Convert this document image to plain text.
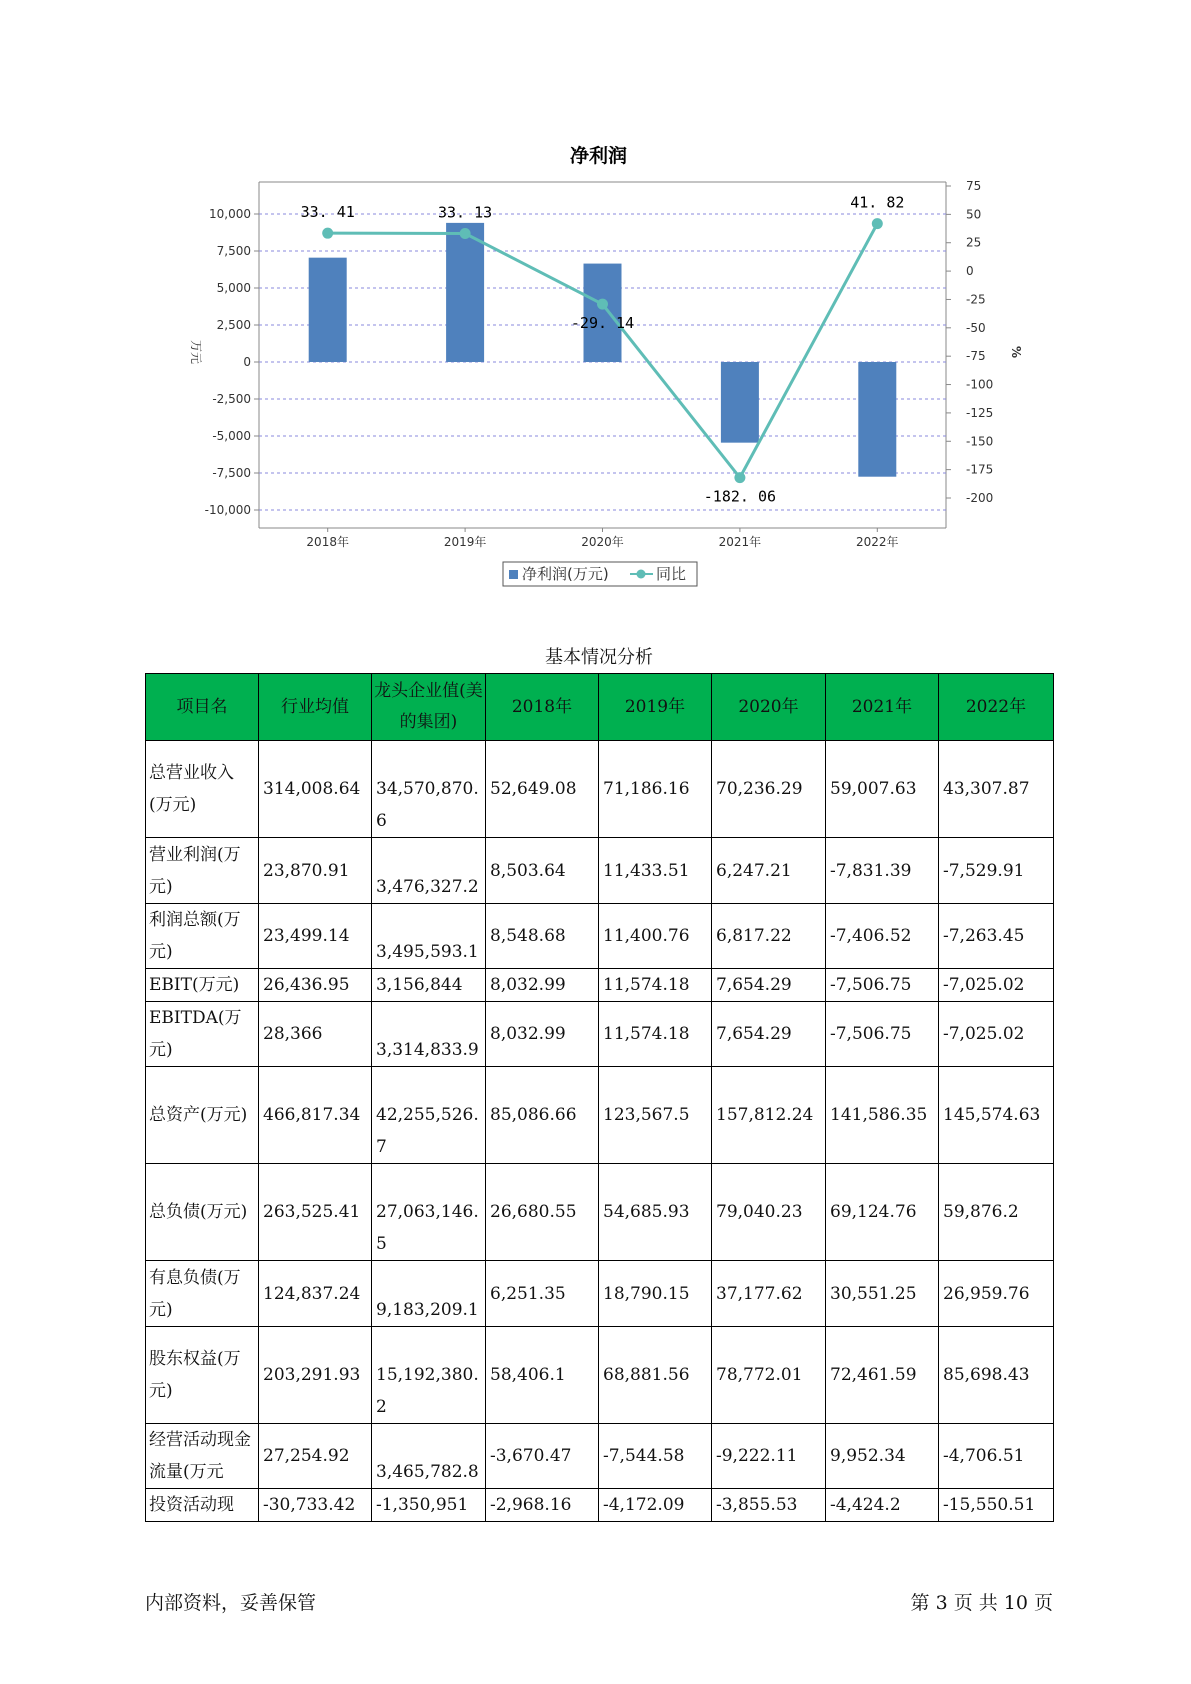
净利润
10,000
7,500
5,000
2,500
0
-2,500
-5,000
-7,500
-10,000
75
50
25
0
-25
-50
-75
-100
-125
-150
-175
-200
万元	%
2018年	2019年	2020年	2021年	2022年
33. 41	33. 13
-29. 14
-182. 06
41. 82
净利润(万元)	同比
基本情况分析
项目名	行业均值	龙头企业值(美的集团)	2018年	2019年	2020年	2021年	2022年
总营业收入(万元)	314,008.64	34,570,870.6	52,649.08	71,186.16	70,236.29	59,007.63	43,307.87
营业利润(万元)	23,870.91	3,476,327.2	8,503.64	11,433.51	6,247.21	-7,831.39	-7,529.91
利润总额(万元)	23,499.14	3,495,593.1	8,548.68	11,400.76	6,817.22	-7,406.52	-7,263.45
EBIT(万元)	26,436.95	3,156,844	8,032.99	11,574.18	7,654.29	-7,506.75	-7,025.02
EBITDA(万元)	28,366	3,314,833.9	8,032.99	11,574.18	7,654.29	-7,506.75	-7,025.02
总资产(万元)	466,817.34	42,255,526.7	85,086.66	123,567.5	157,812.24	141,586.35	145,574.63
总负债(万元)	263,525.41	27,063,146.5	26,680.55	54,685.93	79,040.23	69,124.76	59,876.2
有息负债(万元)	124,837.24	9,183,209.1	6,251.35	18,790.15	37,177.62	30,551.25	26,959.76
股东权益(万元)	203,291.93	15,192,380.2	58,406.1	68,881.56	78,772.01	72,461.59	85,698.43
经营活动现金流量(万元	27,254.92	3,465,782.8	-3,670.47	-7,544.58	-9,222.11	9,952.34	-4,706.51
投资活动现	-30,733.42	-1,350,951	-2,968.16	-4,172.09	-3,855.53	-4,424.2	-15,550.51
内部资料，妥善保管	第 3 页 共 10 页
